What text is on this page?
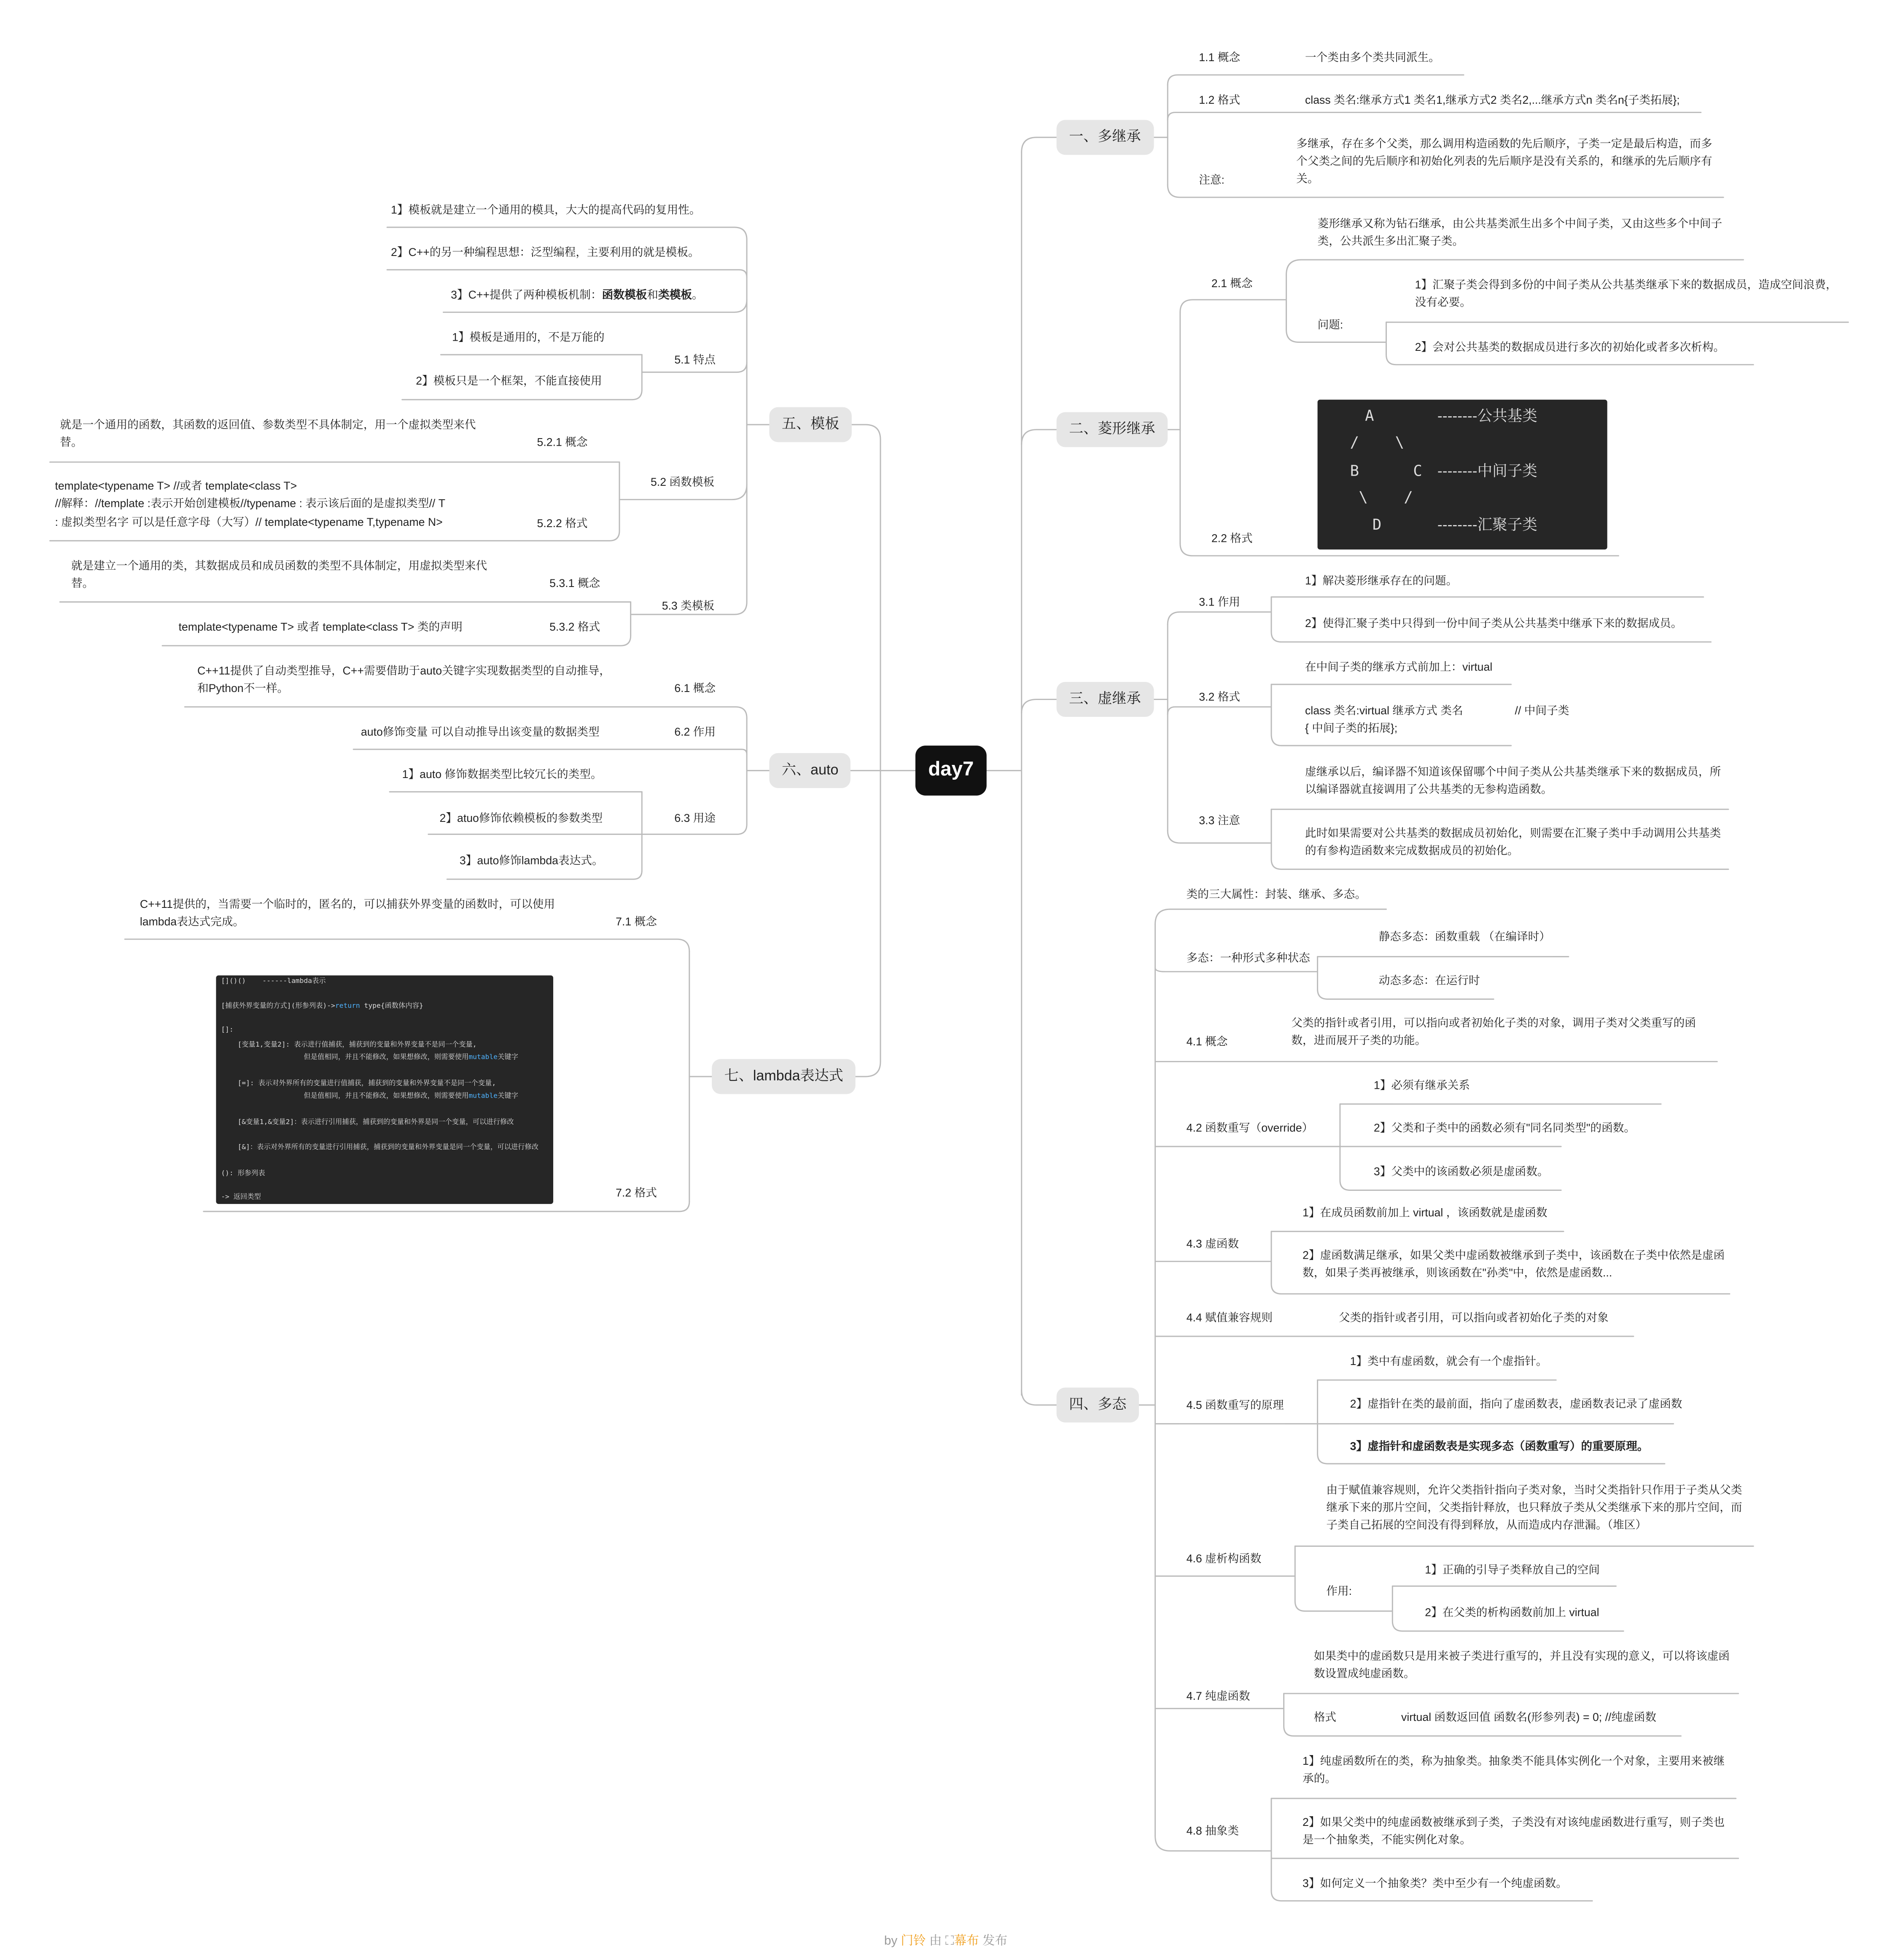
day7
一、多继承
1.1 概念	一个类由多个类共同派生。
1.2 格式	class 类名:继承方式1 类名1,继承方式2 类名2,...继承方式n 类名n{子类拓展};
注意:
多继承，存在多个父类，那么调用构造函数的先后顺序，子类一定是最后构造，而多个父类之间的先后顺序和初始化列表的先后顺序是没有关系的，和继承的先后顺序有关。
二、菱形继承
2.1 概念
菱形继承又称为钻石继承，由公共基类派生出多个中间子类，又由这些多个中间子类，公共派生多出汇聚子类。
问题:
1】汇聚子类会得到多份的中间子类从公共基类继承下来的数据成员，造成空间浪费，没有必要。
2】会对公共基类的数据成员进行多次的初始化或者多次析构。
2.2 格式
A	--------公共基类
/    \
B      C	--------中间子类
\    /
D	--------汇聚子类
三、虚继承
3.1 作用
1】解决菱形继承存在的问题。
2】使得汇聚子类中只得到一份中间子类从公共基类中继承下来的数据成员。
3.2 格式
在中间子类的继承方式前加上：virtual
class 类名:virtual 继承方式 类名
{ 中间子类的拓展};
// 中间子类
3.3 注意
虚继承以后，编译器不知道该保留哪个中间子类从公共基类继承下来的数据成员，所以编译器就直接调用了公共基类的无参构造函数。
此时如果需要对公共基类的数据成员初始化，则需要在汇聚子类中手动调用公共基类的有参构造函数来完成数据成员的初始化。
四、多态
类的三大属性：封装、继承、多态。
多态：一种形式多种状态
静态多态：函数重载 （在编译时）
动态多态：在运行时
4.1 概念
父类的指针或者引用，可以指向或者初始化子类的对象，调用子类对父类重写的函数，进而展开子类的功能。
4.2 函数重写（override）
1】必须有继承关系
2】父类和子类中的函数必须有"同名同类型"的函数。
3】父类中的该函数必须是虚函数。
4.3 虚函数
1】在成员函数前加上 virtual ，该函数就是虚函数
2】虚函数满足继承，如果父类中虚函数被继承到子类中，该函数在子类中依然是虚函数，如果子类再被继承，则该函数在"孙类"中，依然是虚函数...
4.4 赋值兼容规则	父类的指针或者引用，可以指向或者初始化子类的对象
4.5 函数重写的原理
1】类中有虚函数，就会有一个虚指针。
2】虚指针在类的最前面，指向了虚函数表，虚函数表记录了虚函数
3】虚指针和虚函数表是实现多态（函数重写）的重要原理。
4.6 虚析构函数
由于赋值兼容规则，允许父类指针指向子类对象，当时父类指针只作用于子类从父类继承下来的那片空间，父类指针释放，也只释放子类从父类继承下来的那片空间，而子类自己拓展的空间没有得到释放，从而造成内存泄漏。（堆区）
作用:
1】正确的引导子类释放自己的空间
2】在父类的析构函数前加上 virtual
4.7 纯虚函数
如果类中的虚函数只是用来被子类进行重写的，并且没有实现的意义，可以将该虚函数设置成纯虚函数。
格式	virtual 函数返回值 函数名(形参列表) = 0; //纯虚函数
4.8 抽象类
1】纯虚函数所在的类，称为抽象类。抽象类不能具体实例化一个对象，主要用来被继承的。
2】如果父类中的纯虚函数被继承到子类，子类没有对该纯虚函数进行重写，则子类也是一个抽象类，不能实例化对象。
3】如何定义一个抽象类？类中至少有一个纯虚函数。
五、模板
1】模板就是建立一个通用的模具，大大的提高代码的复用性。
2】C++的另一种编程思想：泛型编程，主要利用的就是模板。
3】C++提供了两种模板机制：函数模板和类模板。
5.1 特点
1】模板是通用的，不是万能的
2】模板只是一个框架，不能直接使用
5.2 函数模板
5.2.1 概念
就是一个通用的函数，其函数的返回值、参数类型不具体制定，用一个虚拟类型来代替。
5.2.2 格式
template<typename T> //或者 template<class T>
//解释：//template :表示开始创建模板//typename : 表示该后面的是虚拟类型// T
: 虚拟类型名字 可以是任意字母（大写）// template<typename T,typename N>
5.3 类模板
5.3.1 概念
就是建立一个通用的类，其数据成员和成员函数的类型不具体制定，用虚拟类型来代替。
5.3.2 格式
template<typename T> 或者 template<class T> 类的声明
六、auto
6.1 概念
C++11提供了自动类型推导，C++需要借助于auto关键字实现数据类型的自动推导，和Python不一样。
6.2 作用
auto修饰变量 可以自动推导出该变量的数据类型
6.3 用途
1】auto 修饰数据类型比较冗长的类型。
2】atuo修饰依赖模板的参数类型
3】auto修饰lambda表达式。
七、lambda表达式
7.1 概念
C++11提供的，当需要一个临时的，匿名的，可以捕获外界变量的函数时，可以使用lambda表达式完成。
7.2 格式
[]()()    ------lambda表示
[捕获外界变量的方式](形参列表)->return type{函数体内容}
[]:
[变量1,变量2]: 表示进行值捕获，捕获到的变量和外界变量不是同一个变量,
但是值相同，并且不能修改，如果想修改，则需要使用mutable关键字
[=]: 表示对外界所有的变量进行值捕获，捕获到的变量和外界变量不是同一个变量,
但是值相同，并且不能修改，如果想修改，则需要使用mutable关键字
[&变量1,&变量2]：表示进行引用捕获，捕获到的变量和外界是同一个变量，可以进行修改
[&]：表示对外界所有的变量进行引用捕获，捕获到的变量和外界变量是同一个变量，可以进行修改
(): 形参列表
-> 返回类型
by 门铃 由 ⛶幕布 发布
